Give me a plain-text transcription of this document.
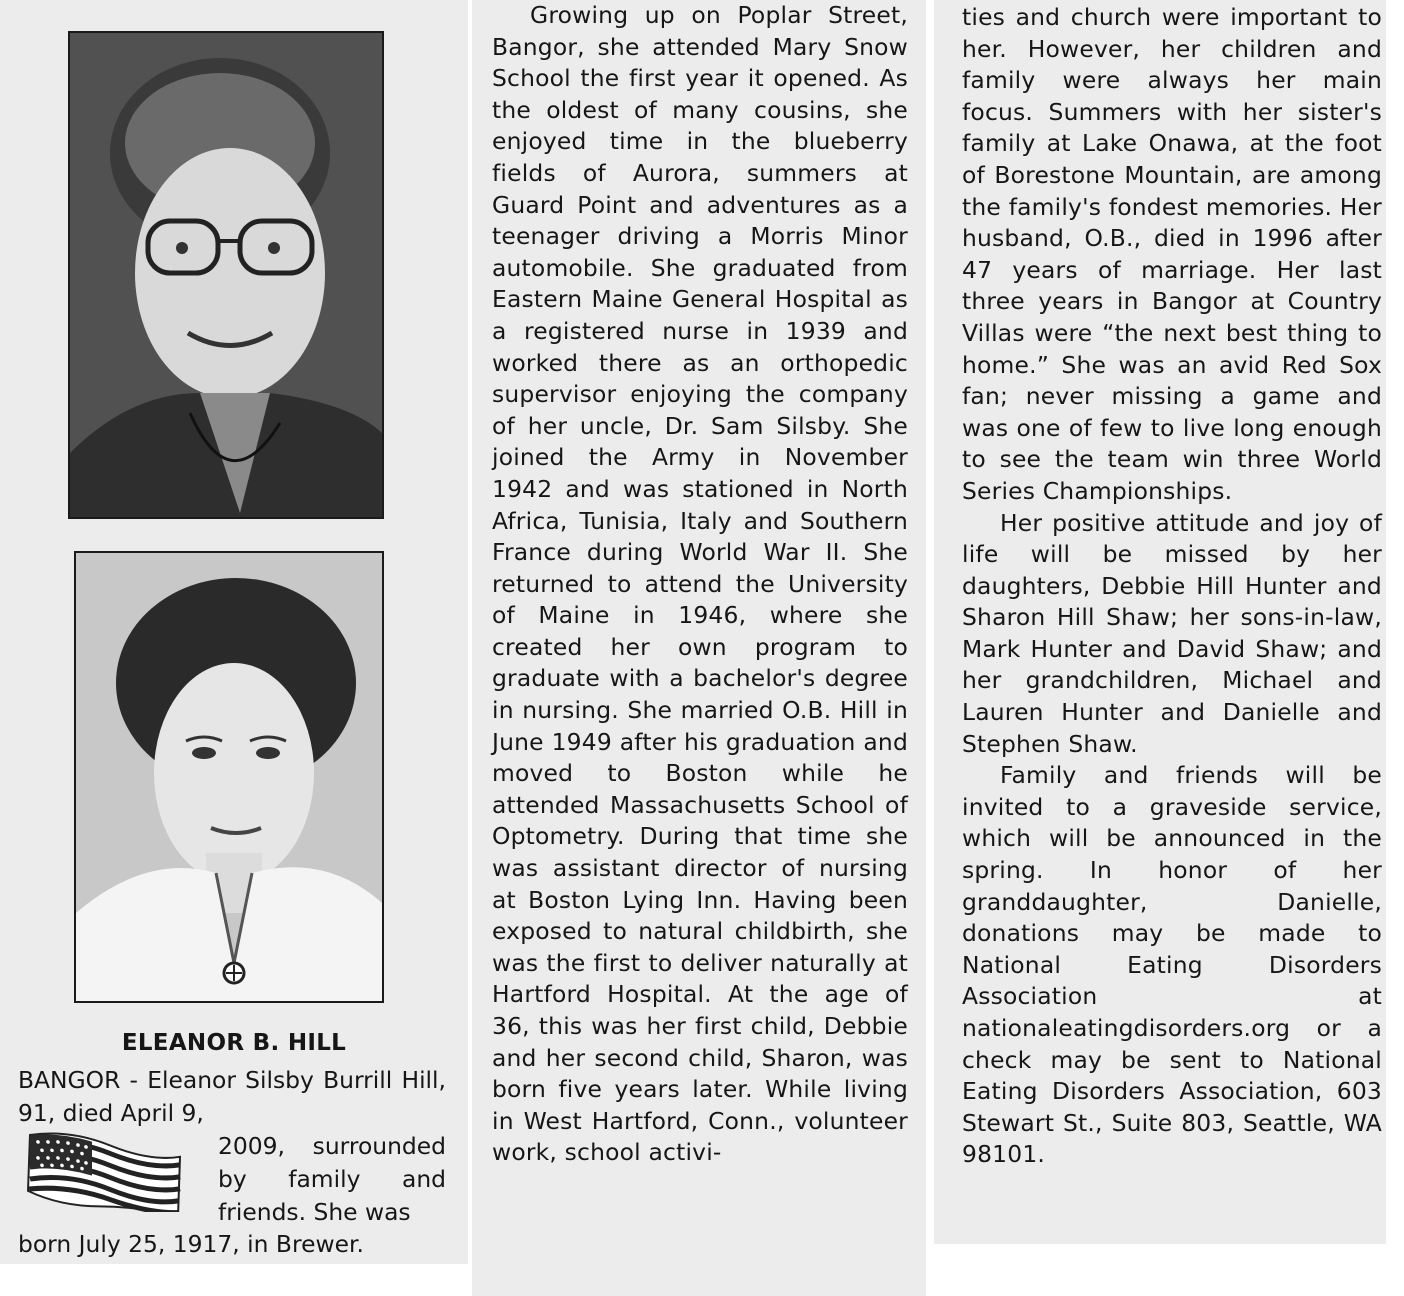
ELEANOR B. HILL
BANGOR - Eleanor Silsby Burrill Hill, 91, died April 9,
2009, surrounded by family and friends. She was
born July 25, 1917, in Brewer.

Growing up on Poplar Street, Bangor, she attended Mary Snow School the first year it opened. As the oldest of many cousins, she enjoyed time in the blueberry fields of Aurora, summers at Guard Point and adventures as a teenager driving a Morris Minor automobile. She graduated from Eastern Maine General Hospital as a registered nurse in 1939 and worked there as an orthopedic supervisor enjoying the company of her uncle, Dr. Sam Silsby. She joined the Army in November 1942 and was stationed in North Africa, Tunisia, Italy and Southern France during World War II. She returned to attend the University of Maine in 1946, where she created her own program to graduate with a bachelor's degree in nursing. She married O.B. Hill in June 1949 after his graduation and moved to Boston while he attended Massachusetts School of Optometry. During that time she was assistant director of nursing at Boston Lying Inn. Having been exposed to natural childbirth, she was the first to deliver naturally at Hartford Hospital. At the age of 36, this was her first child, Debbie and her second child, Sharon, was born five years later. While living in West Hartford, Conn., volunteer work, school activi-

ties and church were important to her. However, her children and family were always her main focus. Summers with her sister's family at Lake Onawa, at the foot of Borestone Mountain, are among the family's fondest memories. Her husband, O.B., died in 1996 after 47 years of marriage. Her last three years in Bangor at Country Villas were “the next best thing to home.” She was an avid Red Sox fan; never missing a game and was one of few to live long enough to see the team win three World Series Championships.

Her positive attitude and joy of life will be missed by her daughters, Debbie Hill Hunter and Sharon Hill Shaw; her sons-in-law, Mark Hunter and David Shaw; and her grandchildren, Michael and Lauren Hunter and Danielle and Stephen Shaw.

Family and friends will be invited to a graveside service, which will be announced in the spring. In honor of her granddaughter, Danielle, donations may be made to National Eating Disorders Association at nationaleatingdisorders.org or a check may be sent to National Eating Disorders Association, 603 Stewart St., Suite 803, Seattle, WA 98101.
